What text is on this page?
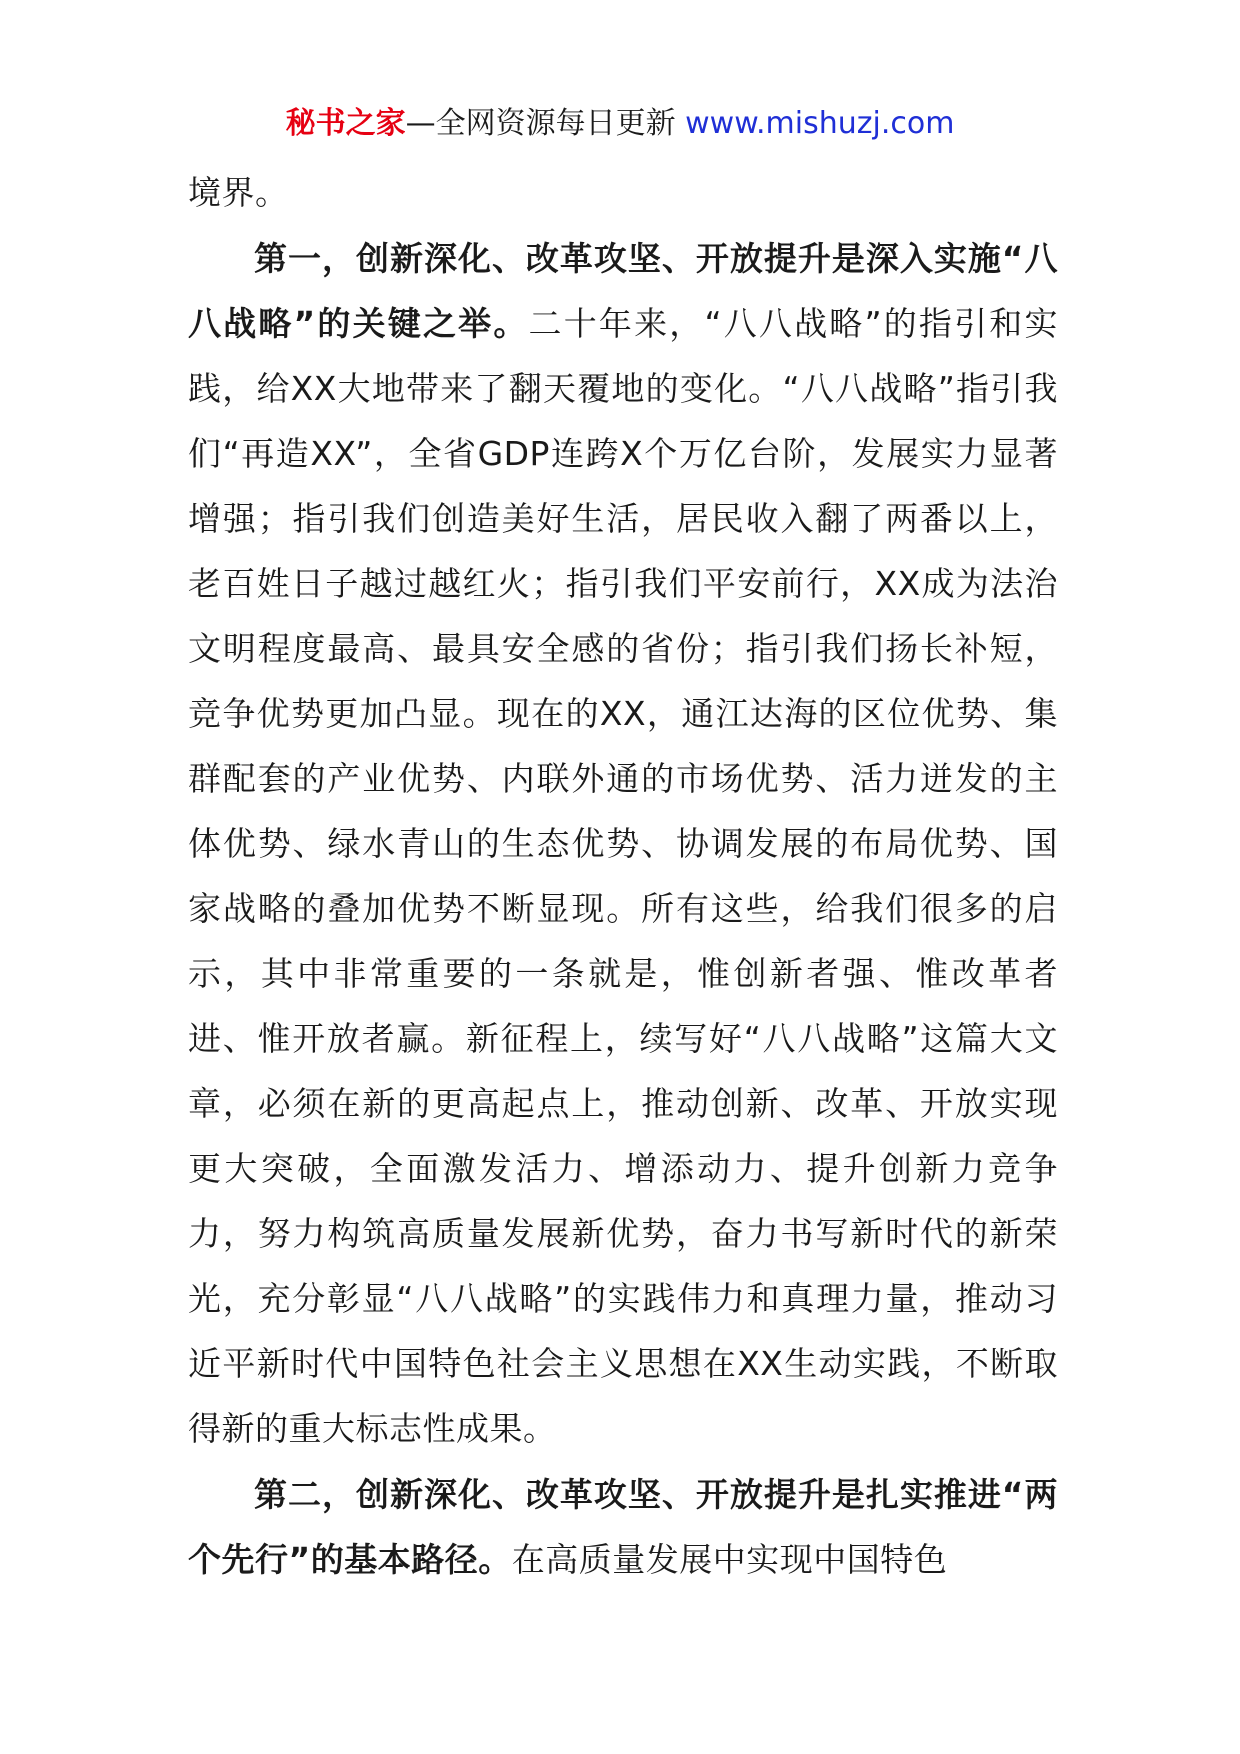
秘书之家—全网资源每日更新 www.mishuzj.com

境界。

第一，创新深化、改革攻坚、开放提升是深入实施“八八战略”的关键之举。二十年来，“八八战略”的指引和实践，给XX大地带来了翻天覆地的变化。“八八战略”指引我们“再造XX”，全省GDP连跨X个万亿台阶，发展实力显著增强；指引我们创造美好生活，居民收入翻了两番以上，老百姓日子越过越红火；指引我们平安前行，XX成为法治文明程度最高、最具安全感的省份；指引我们扬长补短，竞争优势更加凸显。现在的XX，通江达海的区位优势、集群配套的产业优势、内联外通的市场优势、活力迸发的主体优势、绿水青山的生态优势、协调发展的布局优势、国家战略的叠加优势不断显现。所有这些，给我们很多的启示，其中非常重要的一条就是，惟创新者强、惟改革者进、惟开放者赢。新征程上，续写好“八八战略”这篇大文章，必须在新的更高起点上，推动创新、改革、开放实现更大突破，全面激发活力、增添动力、提升创新力竞争力，努力构筑高质量发展新优势，奋力书写新时代的新荣光，充分彰显“八八战略”的实践伟力和真理力量，推动习近平新时代中国特色社会主义思想在XX生动实践，不断取得新的重大标志性成果。

第二，创新深化、改革攻坚、开放提升是扎实推进“两个先行”的基本路径。在高质量发展中实现中国特色
